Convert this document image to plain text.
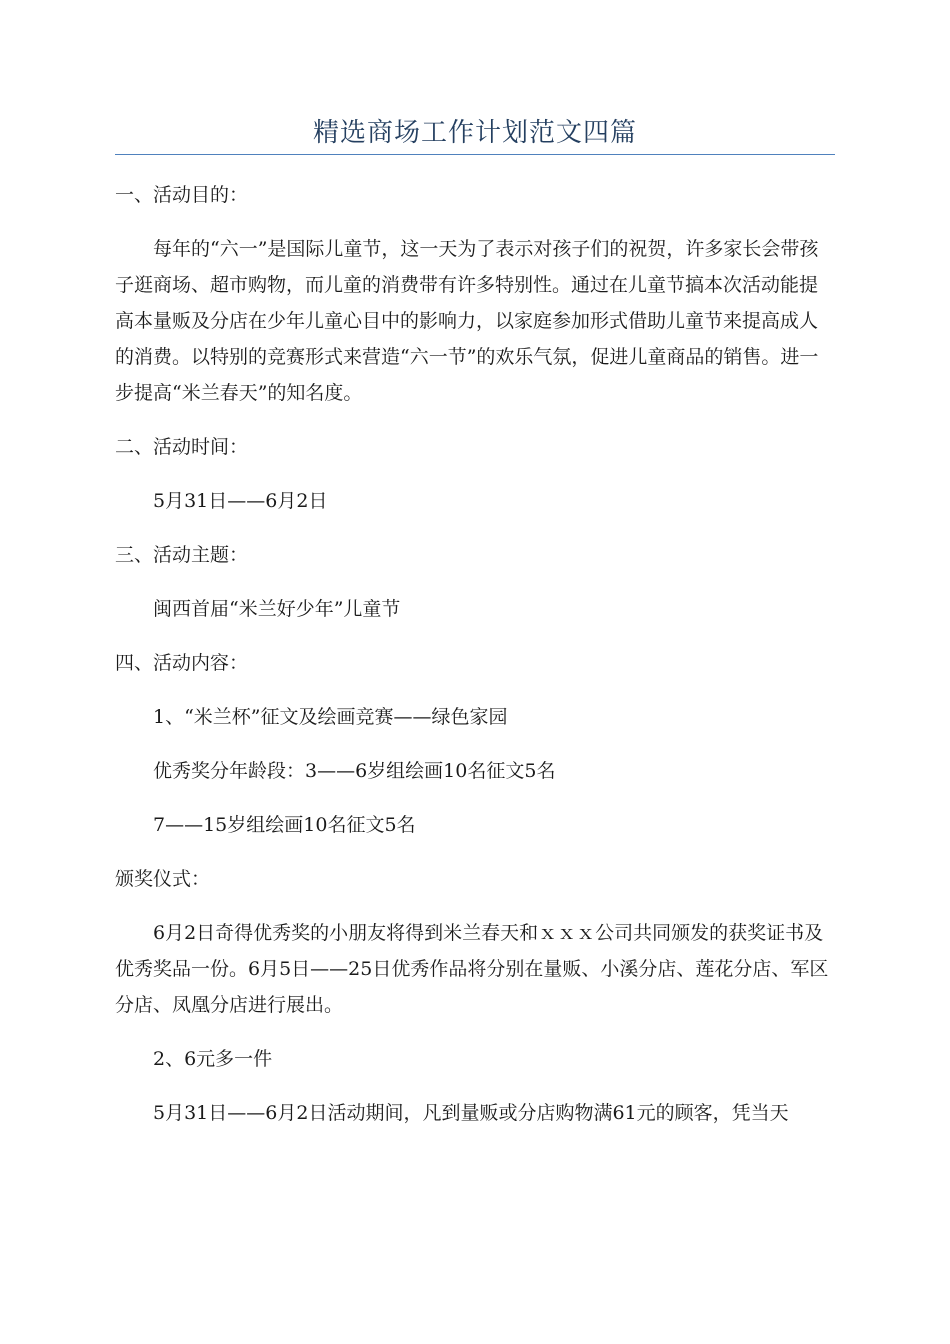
精选商场工作计划范文四篇

一、活动目的：

每年的“六一”是国际儿童节，这一天为了表示对孩子们的祝贺，许多家长会带孩子逛商场、超市购物，而儿童的消费带有许多特别性。通过在儿童节搞本次活动能提高本量贩及分店在少年儿童心目中的影响力，以家庭参加形式借助儿童节来提高成人的消费。以特别的竞赛形式来营造“六一节”的欢乐气氛，促进儿童商品的销售。进一步提高“米兰春天”的知名度。

二、活动时间：

5月31日——6月2日

三、活动主题：

闽西首届“米兰好少年”儿童节

四、活动内容：

1、“米兰杯”征文及绘画竞赛——绿色家园

优秀奖分年龄段：3——6岁组绘画10名征文5名

7——15岁组绘画10名征文5名

颁奖仪式：

6月2日奇得优秀奖的小朋友将得到米兰春天和ｘｘｘ公司共同颁发的获奖证书及优秀奖品一份。6月5日——25日优秀作品将分别在量贩、小溪分店、莲花分店、军区分店、凤凰分店进行展出。

2、6元多一件

5月31日——6月2日活动期间，凡到量贩或分店购物满61元的顾客，凭当天
